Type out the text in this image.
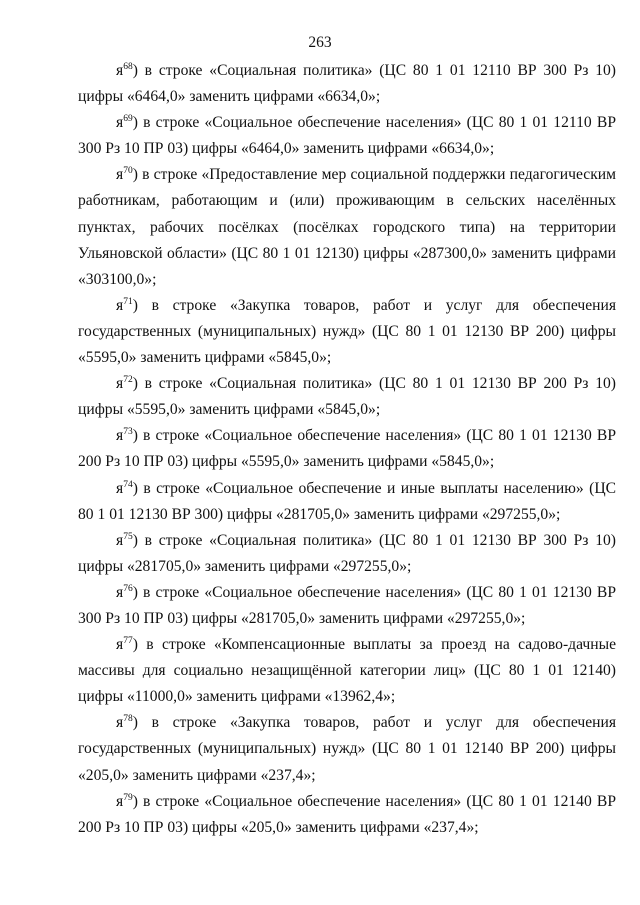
263

$я^{68}$) в строке «Социальная политика» (ЦС 80 1 01 12110 ВР 300 Рз 10) цифры «6464,0» заменить цифрами «6634,0»;

$я^{69}$) в строке «Социальное обеспечение населения» (ЦС 80 1 01 12110 ВР 300 Рз 10 ПР 03) цифры «6464,0» заменить цифрами «6634,0»;

$я^{70}$) в строке «Предоставление мер социальной поддержки педагогическим работникам, работающим и (или) проживающим в сельских населённых пунктах, рабочих посёлках (посёлках городского типа) на территории Ульяновской области» (ЦС 80 1 01 12130) цифры «287300,0» заменить цифрами «303100,0»;

$я^{71}$) в строке «Закупка товаров, работ и услуг для обеспечения государственных (муниципальных) нужд» (ЦС 80 1 01 12130 ВР 200) цифры «5595,0» заменить цифрами «5845,0»;

$я^{72}$) в строке «Социальная политика» (ЦС 80 1 01 12130 ВР 200 Рз 10) цифры «5595,0» заменить цифрами «5845,0»;

$я^{73}$) в строке «Социальное обеспечение населения» (ЦС 80 1 01 12130 ВР 200 Рз 10 ПР 03) цифры «5595,0» заменить цифрами «5845,0»;

$я^{74}$) в строке «Социальное обеспечение и иные выплаты населению» (ЦС 80 1 01 12130 ВР 300) цифры «281705,0» заменить цифрами «297255,0»;

$я^{75}$) в строке «Социальная политика» (ЦС 80 1 01 12130 ВР 300 Рз 10) цифры «281705,0» заменить цифрами «297255,0»;

$я^{76}$) в строке «Социальное обеспечение населения» (ЦС 80 1 01 12130 ВР 300 Рз 10 ПР 03) цифры «281705,0» заменить цифрами «297255,0»;

$я^{77}$) в строке «Компенсационные выплаты за проезд на садово-дачные массивы для социально незащищённой категории лиц» (ЦС 80 1 01 12140) цифры «11000,0» заменить цифрами «13962,4»;

$я^{78}$) в строке «Закупка товаров, работ и услуг для обеспечения государственных (муниципальных) нужд» (ЦС 80 1 01 12140 ВР 200) цифры «205,0» заменить цифрами «237,4»;

$я^{79}$) в строке «Социальное обеспечение населения» (ЦС 80 1 01 12140 ВР 200 Рз 10 ПР 03) цифры «205,0» заменить цифрами «237,4»;
